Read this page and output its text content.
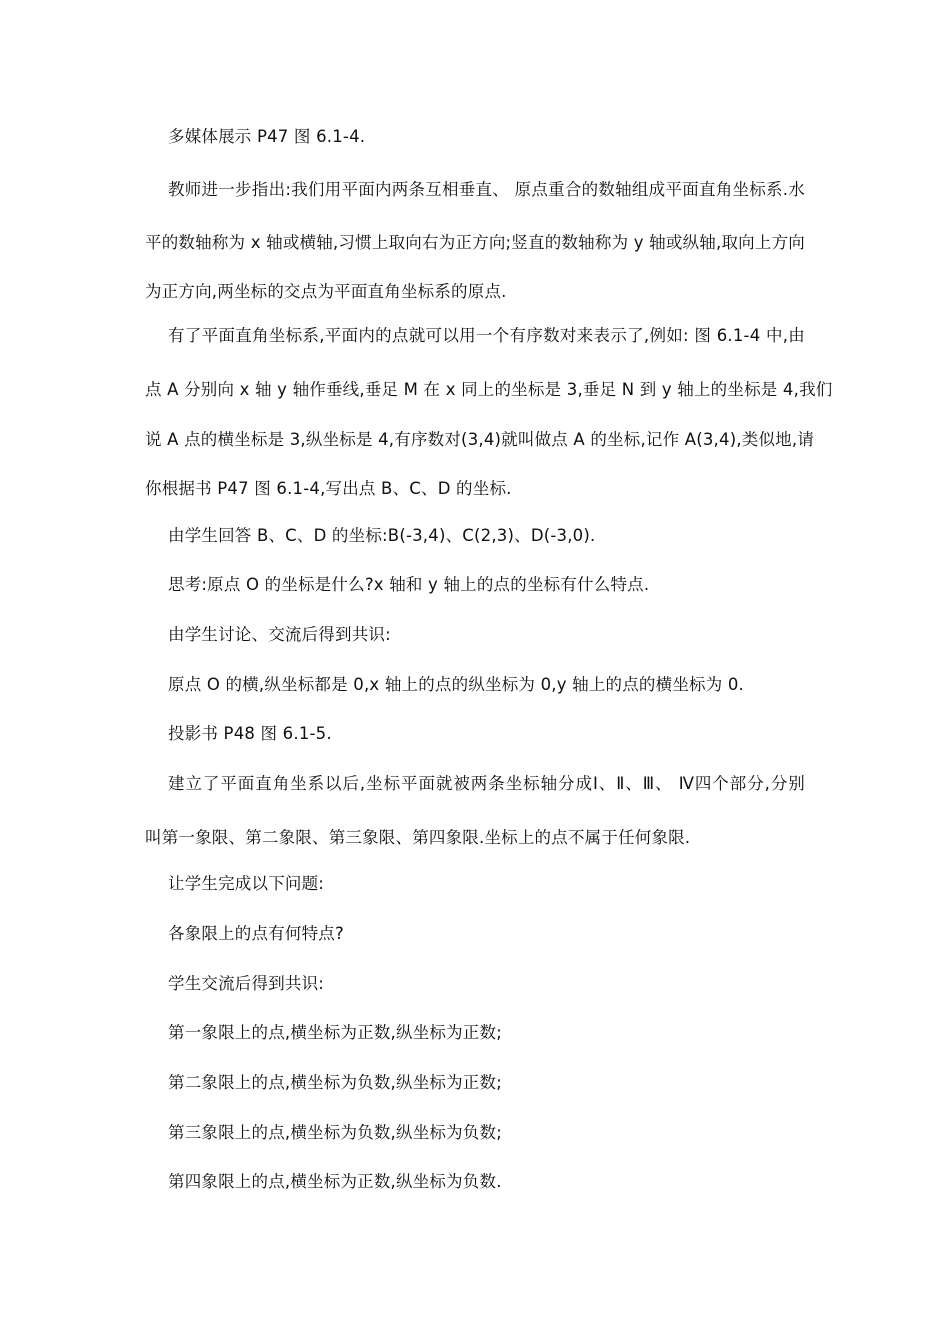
多媒体展示 P47 图 6.1-4.
教师进一步指出:我们用平面内两条互相垂直、 原点重合的数轴组成平面直角坐标系.水
平的数轴称为 x 轴或横轴,习惯上取向右为正方向;竖直的数轴称为 y 轴或纵轴,取向上方向
为正方向,两坐标的交点为平面直角坐标系的原点.
有了平面直角坐标系,平面内的点就可以用一个有序数对来表示了,例如: 图 6.1-4 中,由
点 A 分别向 x 轴 y 轴作垂线,垂足 M 在 x 同上的坐标是 3,垂足 N 到 y 轴上的坐标是 4,我们
说 A 点的横坐标是 3,纵坐标是 4,有序数对(3,4)就叫做点 A 的坐标,记作 A(3,4),类似地,请
你根据书 P47 图 6.1-4,写出点 B、C、D 的坐标.
由学生回答 B、C、D 的坐标:B(-3,4)、C(2,3)、D(-3,0).
思考:原点 O 的坐标是什么?x 轴和 y 轴上的点的坐标有什么特点.
由学生讨论、交流后得到共识:
原点 O 的横,纵坐标都是 0,x 轴上的点的纵坐标为 0,y 轴上的点的横坐标为 0.
投影书 P48 图 6.1-5.
建立了平面直角坐系以后,坐标平面就被两条坐标轴分成Ⅰ、Ⅱ、Ⅲ、 Ⅳ四个部分,分别
叫第一象限、第二象限、第三象限、第四象限.坐标上的点不属于任何象限.
让学生完成以下问题:
各象限上的点有何特点?
学生交流后得到共识:
第一象限上的点,横坐标为正数,纵坐标为正数;
第二象限上的点,横坐标为负数,纵坐标为正数;
第三象限上的点,横坐标为负数,纵坐标为负数;
第四象限上的点,横坐标为正数,纵坐标为负数.
